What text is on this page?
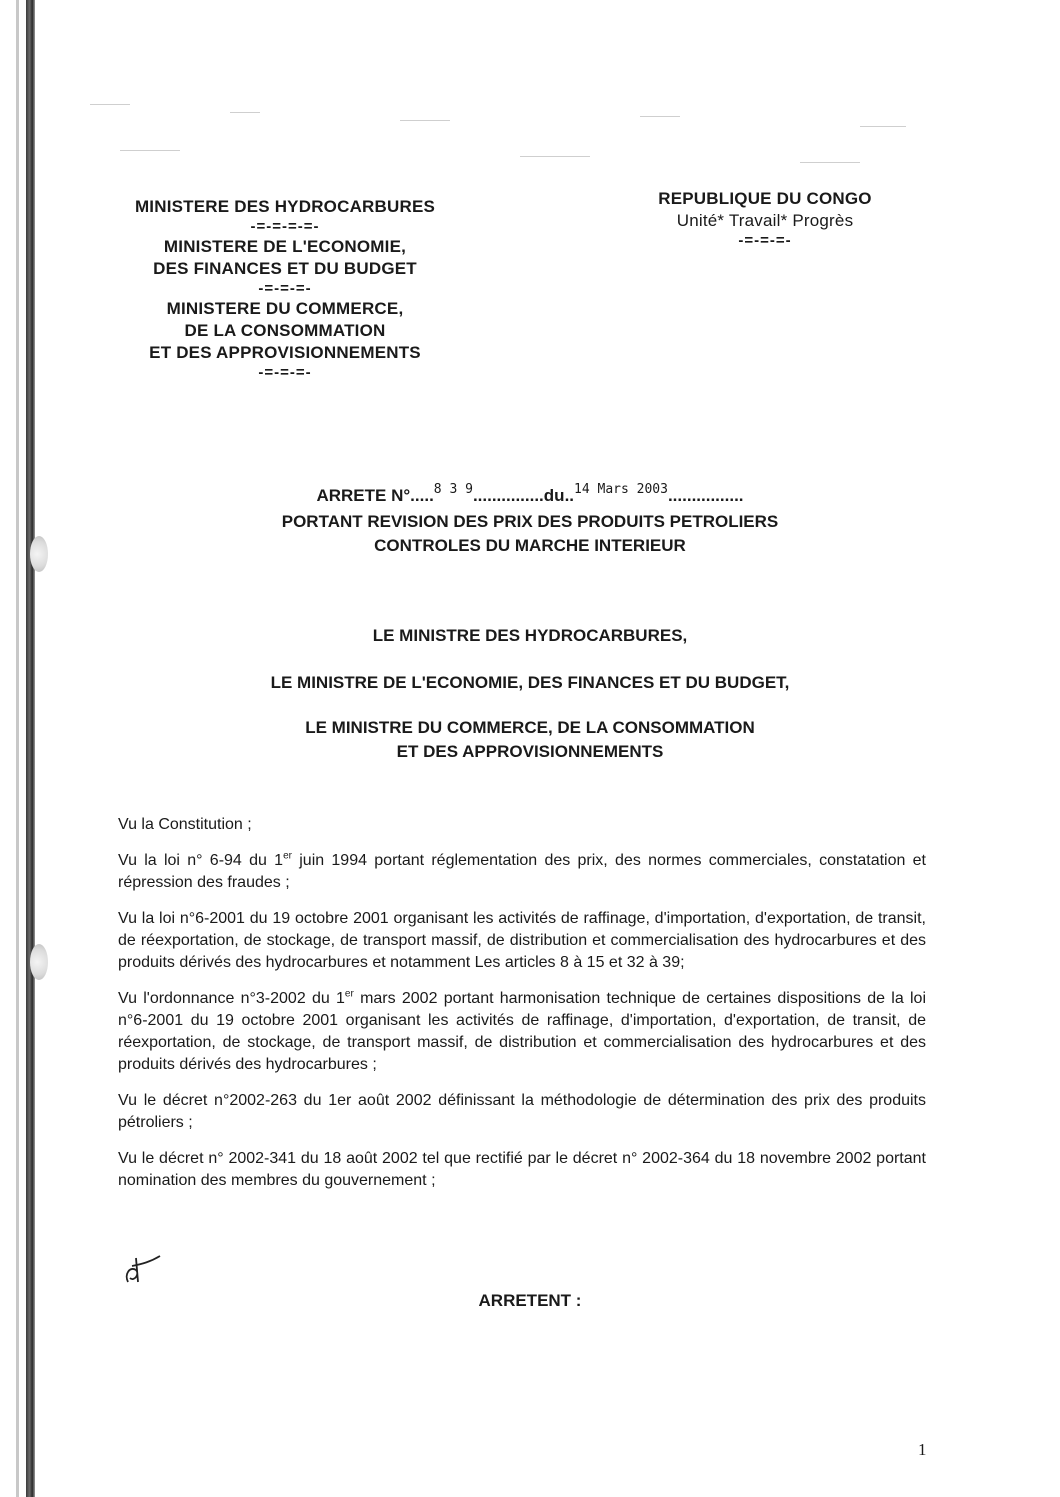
MINISTERE DES HYDROCARBURES
-=-=-=-=-
MINISTERE DE L'ECONOMIE,
DES FINANCES ET DU BUDGET
-=-=-=-
MINISTERE DU COMMERCE,
DE LA CONSOMMATION
ET DES APPROVISIONNEMENTS
-=-=-=-
REPUBLIQUE DU CONGO
Unité* Travail* Progrès
-=-=-=-
ARRETE N°.....$^{8 3 9}$...............du..$^{14 Mars 2003}$................
PORTANT REVISION DES PRIX DES PRODUITS PETROLIERS
CONTROLES DU MARCHE INTERIEUR
LE MINISTRE DES HYDROCARBURES,
LE MINISTRE DE L'ECONOMIE, DES FINANCES ET DU BUDGET,
LE MINISTRE DU COMMERCE, DE LA CONSOMMATION
ET DES APPROVISIONNEMENTS

Vu la Constitution ;

Vu la loi n° 6-94 du 1er juin 1994 portant réglementation des prix, des normes commerciales, constatation et répression des fraudes ;

Vu la loi n°6-2001 du 19 octobre 2001 organisant les activités de raffinage, d'importation, d'exportation, de transit, de réexportation, de stockage, de transport massif, de distribution et commercialisation des hydrocarbures et des produits dérivés des hydrocarbures et notamment Les articles 8 à 15 et 32 à 39;

Vu l'ordonnance n°3-2002 du 1er mars 2002 portant harmonisation technique de certaines dispositions de la loi n°6-2001 du 19 octobre 2001 organisant les activités de raffinage, d'importation, d'exportation, de transit, de réexportation, de stockage, de transport massif, de distribution et commercialisation des hydrocarbures et des produits dérivés des hydrocarbures ;

Vu le décret n°2002-263 du 1er août 2002 définissant la méthodologie de détermination des prix des produits pétroliers ;

Vu le décret n° 2002-341 du 18 août 2002 tel que rectifié par le décret n° 2002-364 du 18 novembre 2002 portant nomination des membres du gouvernement ;

ARRETENT :
1
